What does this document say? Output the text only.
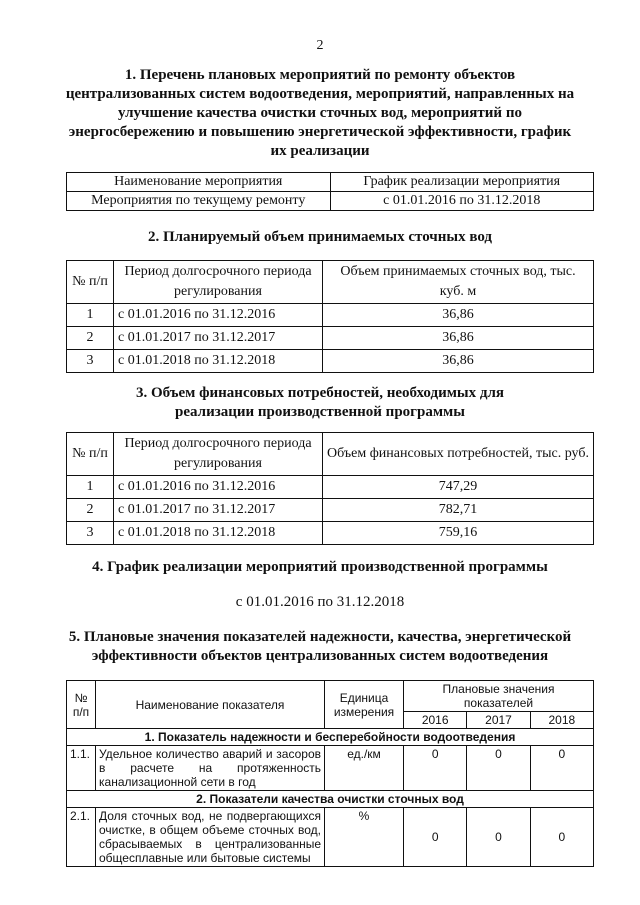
2
1. Перечень плановых мероприятий по ремонту объектов централизованных систем водоотведения, мероприятий, направленных на улучшение качества очистки сточных вод, мероприятий по энергосбережению и повышению энергетической эффективности, график их реализации
Наименование мероприятия	График реализации мероприятия
Мероприятия по текущему ремонту	с 01.01.2016 по 31.12.2018
2. Планируемый объем принимаемых сточных вод
№ п/п	Период долгосрочного периода регулирования	Объем принимаемых сточных вод, тыс. куб. м
1	с 01.01.2016 по 31.12.2016	36,86
2	с 01.01.2017 по 31.12.2017	36,86
3	с 01.01.2018 по 31.12.2018	36,86
3. Объем финансовых потребностей, необходимых для реализации производственной программы
№ п/п	Период долгосрочного периода регулирования	Объем финансовых потребностей, тыс. руб.
1	с 01.01.2016 по 31.12.2016	747,29
2	с 01.01.2017 по 31.12.2017	782,71
3	с 01.01.2018 по 31.12.2018	759,16
4. График реализации мероприятий производственной программы
с 01.01.2016 по 31.12.2018
5. Плановые значения показателей надежности, качества, энергетической эффективности объектов централизованных систем водоотведения
№ п/п	Наименование показателя	Единица измерения	Плановые значения показателей		
			2016	2017	2018
1. Показатель надежности и бесперебойности водоотведения					
1.1.	Удельное количество аварий и засоров в расчете на протяженность канализационной сети в год	ед./км	0	0	0
2. Показатели качества очистки сточных вод					
2.1.	Доля сточных вод, не подвергающихся очистке, в общем объеме сточных вод, сбрасываемых в централизованные общесплавные или бытовые системы	%	0	0	0
